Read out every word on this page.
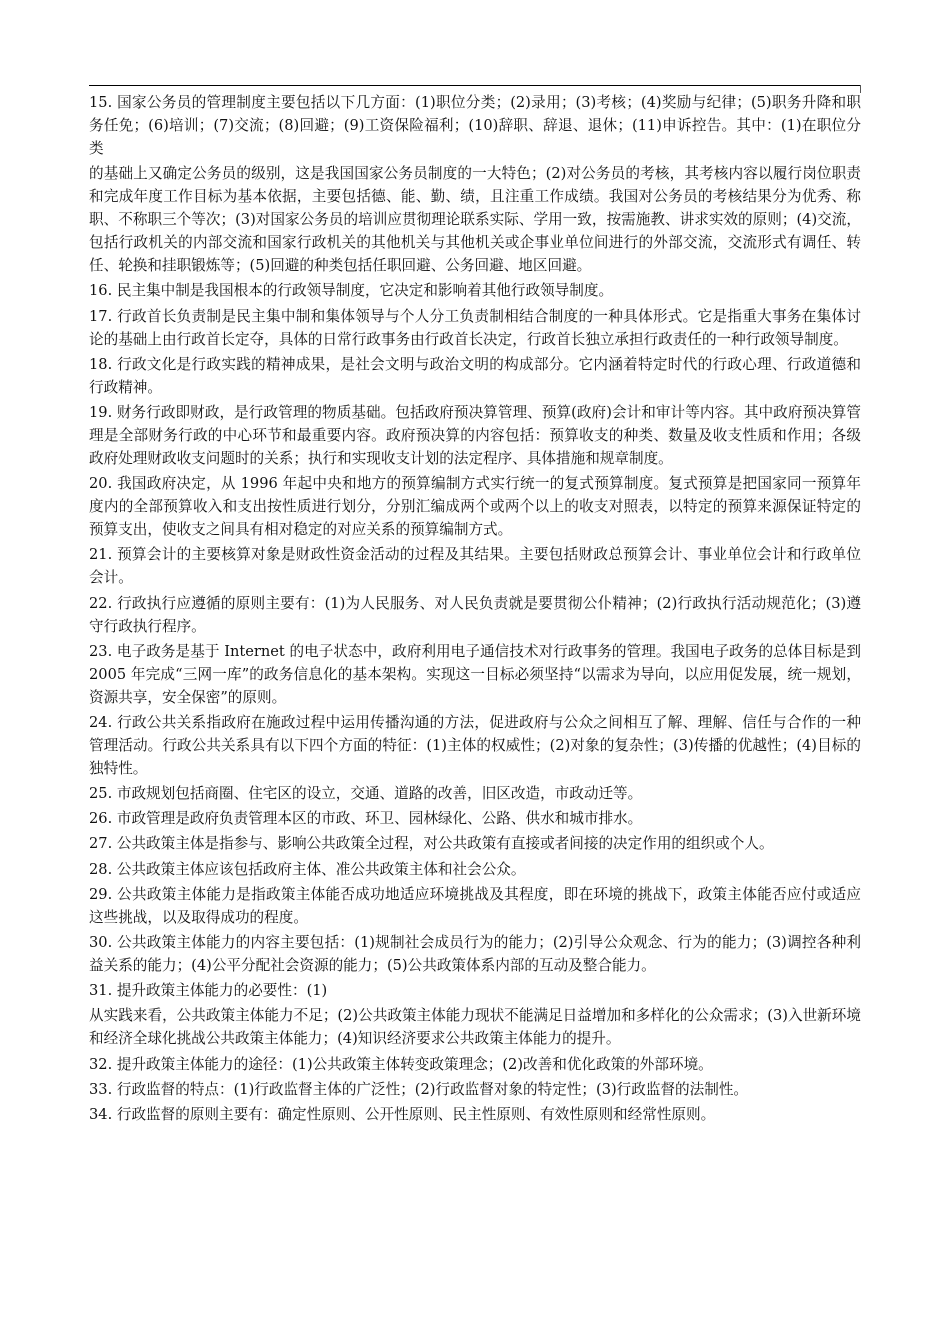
15. 国家公务员的管理制度主要包括以下几方面：(1)职位分类；(2)录用；(3)考核；(4)奖励与纪律；(5)职务升降和职务任免；(6)培训；(7)交流；(8)回避；(9)工资保险福利；(10)辞职、辞退、退休；(11)申诉控告。其中：(1)在职位分类

的基础上又确定公务员的级别，这是我国国家公务员制度的一大特色；(2)对公务员的考核，其考核内容以履行岗位职责和完成年度工作目标为基本依据，主要包括德、能、勤、绩，且注重工作成绩。我国对公务员的考核结果分为优秀、称职、不称职三个等次；(3)对国家公务员的培训应贯彻理论联系实际、学用一致，按需施教、讲求实效的原则；(4)交流，包括行政机关的内部交流和国家行政机关的其他机关与其他机关或企事业单位间进行的外部交流，交流形式有调任、转任、轮换和挂职锻炼等；(5)回避的种类包括任职回避、公务回避、地区回避。

16. 民主集中制是我国根本的行政领导制度，它决定和影响着其他行政领导制度。

17. 行政首长负责制是民主集中制和集体领导与个人分工负责制相结合制度的一种具体形式。它是指重大事务在集体讨论的基础上由行政首长定夺，具体的日常行政事务由行政首长决定，行政首长独立承担行政责任的一种行政领导制度。

18. 行政文化是行政实践的精神成果，是社会文明与政治文明的构成部分。它内涵着特定时代的行政心理、行政道德和行政精神。

19. 财务行政即财政，是行政管理的物质基础。包括政府预决算管理、预算(政府)会计和审计等内容。其中政府预决算管理是全部财务行政的中心环节和最重要内容。政府预决算的内容包括：预算收支的种类、数量及收支性质和作用；各级政府处理财政收支问题时的关系；执行和实现收支计划的法定程序、具体措施和规章制度。

20. 我国政府决定，从 1996 年起中央和地方的预算编制方式实行统一的复式预算制度。复式预算是把国家同一预算年度内的全部预算收入和支出按性质进行划分，分别汇编成两个或两个以上的收支对照表，以特定的预算来源保证特定的预算支出，使收支之间具有相对稳定的对应关系的预算编制方式。

21. 预算会计的主要核算对象是财政性资金活动的过程及其结果。主要包括财政总预算会计、事业单位会计和行政单位会计。

22. 行政执行应遵循的原则主要有：(1)为人民服务、对人民负责就是要贯彻公仆精神；(2)行政执行活动规范化；(3)遵守行政执行程序。

23. 电子政务是基于 Internet 的电子状态中，政府利用电子通信技术对行政事务的管理。我国电子政务的总体目标是到 2005 年完成“三网一库”的政务信息化的基本架构。实现这一目标必须坚持“以需求为导向，以应用促发展，统一规划，资源共享，安全保密”的原则。

24. 行政公共关系指政府在施政过程中运用传播沟通的方法，促进政府与公众之间相互了解、理解、信任与合作的一种管理活动。行政公共关系具有以下四个方面的特征：(1)主体的权威性；(2)对象的复杂性；(3)传播的优越性；(4)目标的独特性。

25. 市政规划包括商圈、住宅区的设立，交通、道路的改善，旧区改造，市政动迁等。

26. 市政管理是政府负责管理本区的市政、环卫、园林绿化、公路、供水和城市排水。

27. 公共政策主体是指参与、影响公共政策全过程，对公共政策有直接或者间接的决定作用的组织或个人。

28. 公共政策主体应该包括政府主体、准公共政策主体和社会公众。

29. 公共政策主体能力是指政策主体能否成功地适应环境挑战及其程度，即在环境的挑战下，政策主体能否应付或适应这些挑战，以及取得成功的程度。

30. 公共政策主体能力的内容主要包括：(1)规制社会成员行为的能力；(2)引导公众观念、行为的能力；(3)调控各种利益关系的能力；(4)公平分配社会资源的能力；(5)公共政策体系内部的互动及整合能力。

31. 提升政策主体能力的必要性：(1)

从实践来看，公共政策主体能力不足；(2)公共政策主体能力现状不能满足日益增加和多样化的公众需求；(3)入世新环境和经济全球化挑战公共政策主体能力；(4)知识经济要求公共政策主体能力的提升。

32. 提升政策主体能力的途径：(1)公共政策主体转变政策理念；(2)改善和优化政策的外部环境。

33. 行政监督的特点：(1)行政监督主体的广泛性；(2)行政监督对象的特定性；(3)行政监督的法制性。

34. 行政监督的原则主要有：确定性原则、公开性原则、民主性原则、有效性原则和经常性原则。
